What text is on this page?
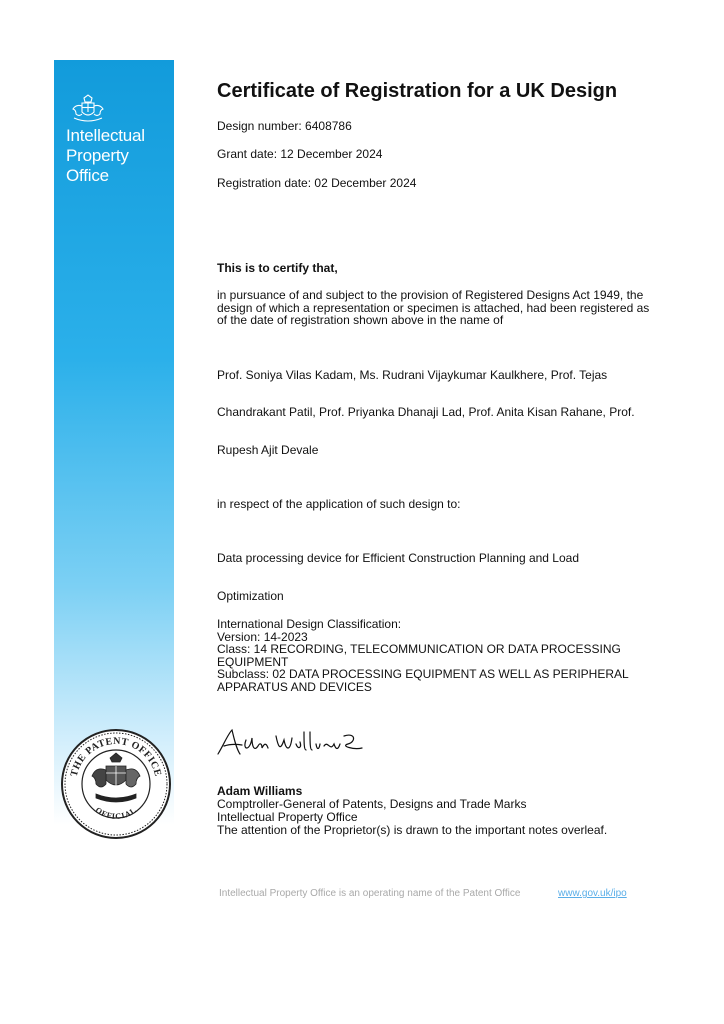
Intellectual
Property
Office
THE PATENT OFFICE
OFFICIAL
Certificate of Registration for a UK Design
Design number: 6408786
Grant date: 12 December 2024
Registration date: 02 December 2024
This is to certify that,
in pursuance of and subject to the provision of Registered Designs Act 1949, the design of which a representation or specimen is attached, had been registered as of the date of registration shown above in the name of
Prof. Soniya Vilas Kadam, Ms. Rudrani Vijaykumar Kaulkhere, Prof. Tejas
Chandrakant Patil, Prof. Priyanka Dhanaji Lad, Prof. Anita Kisan Rahane, Prof.
Rupesh Ajit Devale
in respect of the application of such design to:
Data processing device for Efficient Construction Planning and Load
Optimization
International Design Classification:
Version: 14-2023
Class: 14 RECORDING, TELECOMMUNICATION OR DATA PROCESSING EQUIPMENT
Subclass: 02 DATA PROCESSING EQUIPMENT AS WELL AS PERIPHERAL APPARATUS AND DEVICES
Adam Williams
Comptroller-General of Patents, Designs and Trade Marks
Intellectual Property Office
The attention of the Proprietor(s) is drawn to the important notes overleaf.
Intellectual Property Office is an operating name of the Patent Office	www.gov.uk/ipo
